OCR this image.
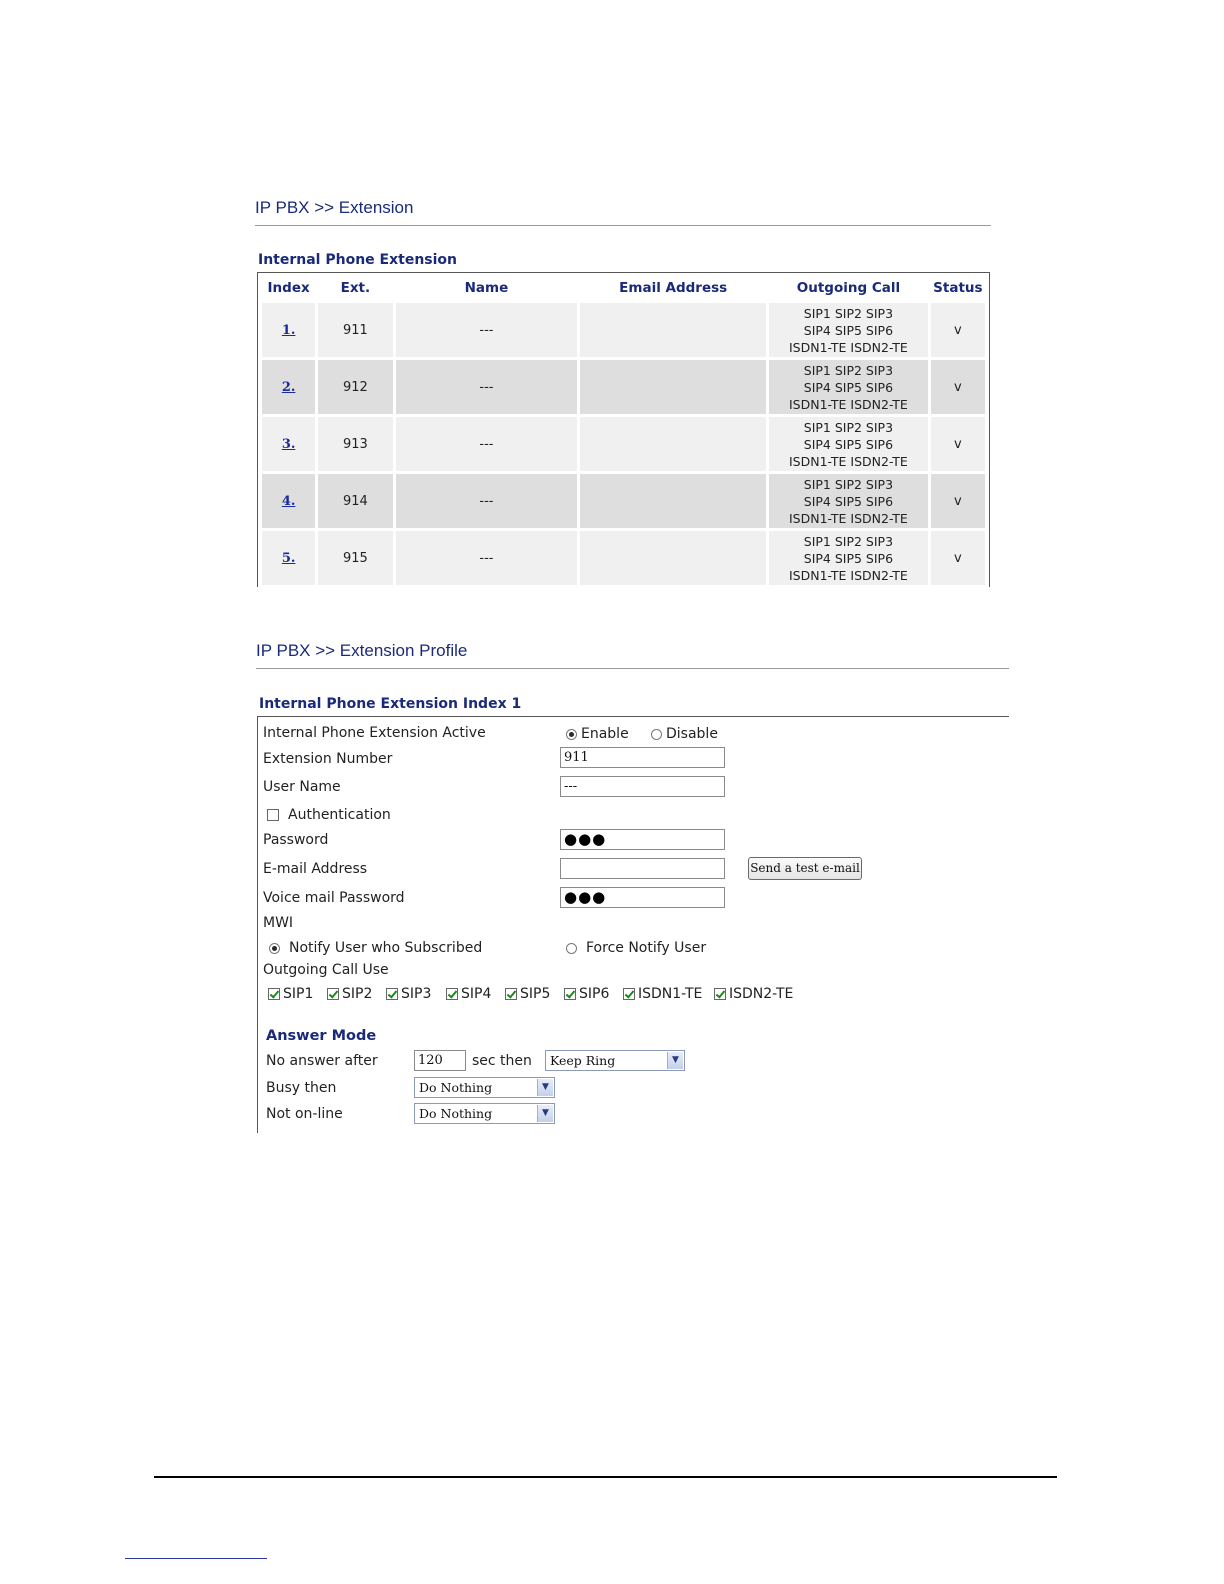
IP PBX >> Extension
Internal Phone Extension
Index	Ext.	Name	Email Address	Outgoing Call	Status
1.	911	---		SIP1 SIP2 SIP3
SIP4 SIP5 SIP6
ISDN1-TE ISDN2-TE	v
2.	912	---		SIP1 SIP2 SIP3
SIP4 SIP5 SIP6
ISDN1-TE ISDN2-TE	v
3.	913	---		SIP1 SIP2 SIP3
SIP4 SIP5 SIP6
ISDN1-TE ISDN2-TE	v
4.	914	---		SIP1 SIP2 SIP3
SIP4 SIP5 SIP6
ISDN1-TE ISDN2-TE	v
5.	915	---		SIP1 SIP2 SIP3
SIP4 SIP5 SIP6
ISDN1-TE ISDN2-TE	v

IP PBX >> Extension Profile
Internal Phone Extension Index 1
Internal Phone Extension Active	Enable	Disable
Extension Number	911
User Name	---
Authentication
Password	●●●
E-mail Address	Send a test e-mail
Voice mail Password	●●●
MWI
Notify User who Subscribed	Force Notify User
Outgoing Call Use
SIP1 SIP2 SIP3 SIP4 SIP5 SIP6 ISDN1-TE ISDN2-TE
Answer Mode
No answer after	120	sec then	Keep Ring	▼
Busy then	Do Nothing	▼
Not on-line	Do Nothing	▼
